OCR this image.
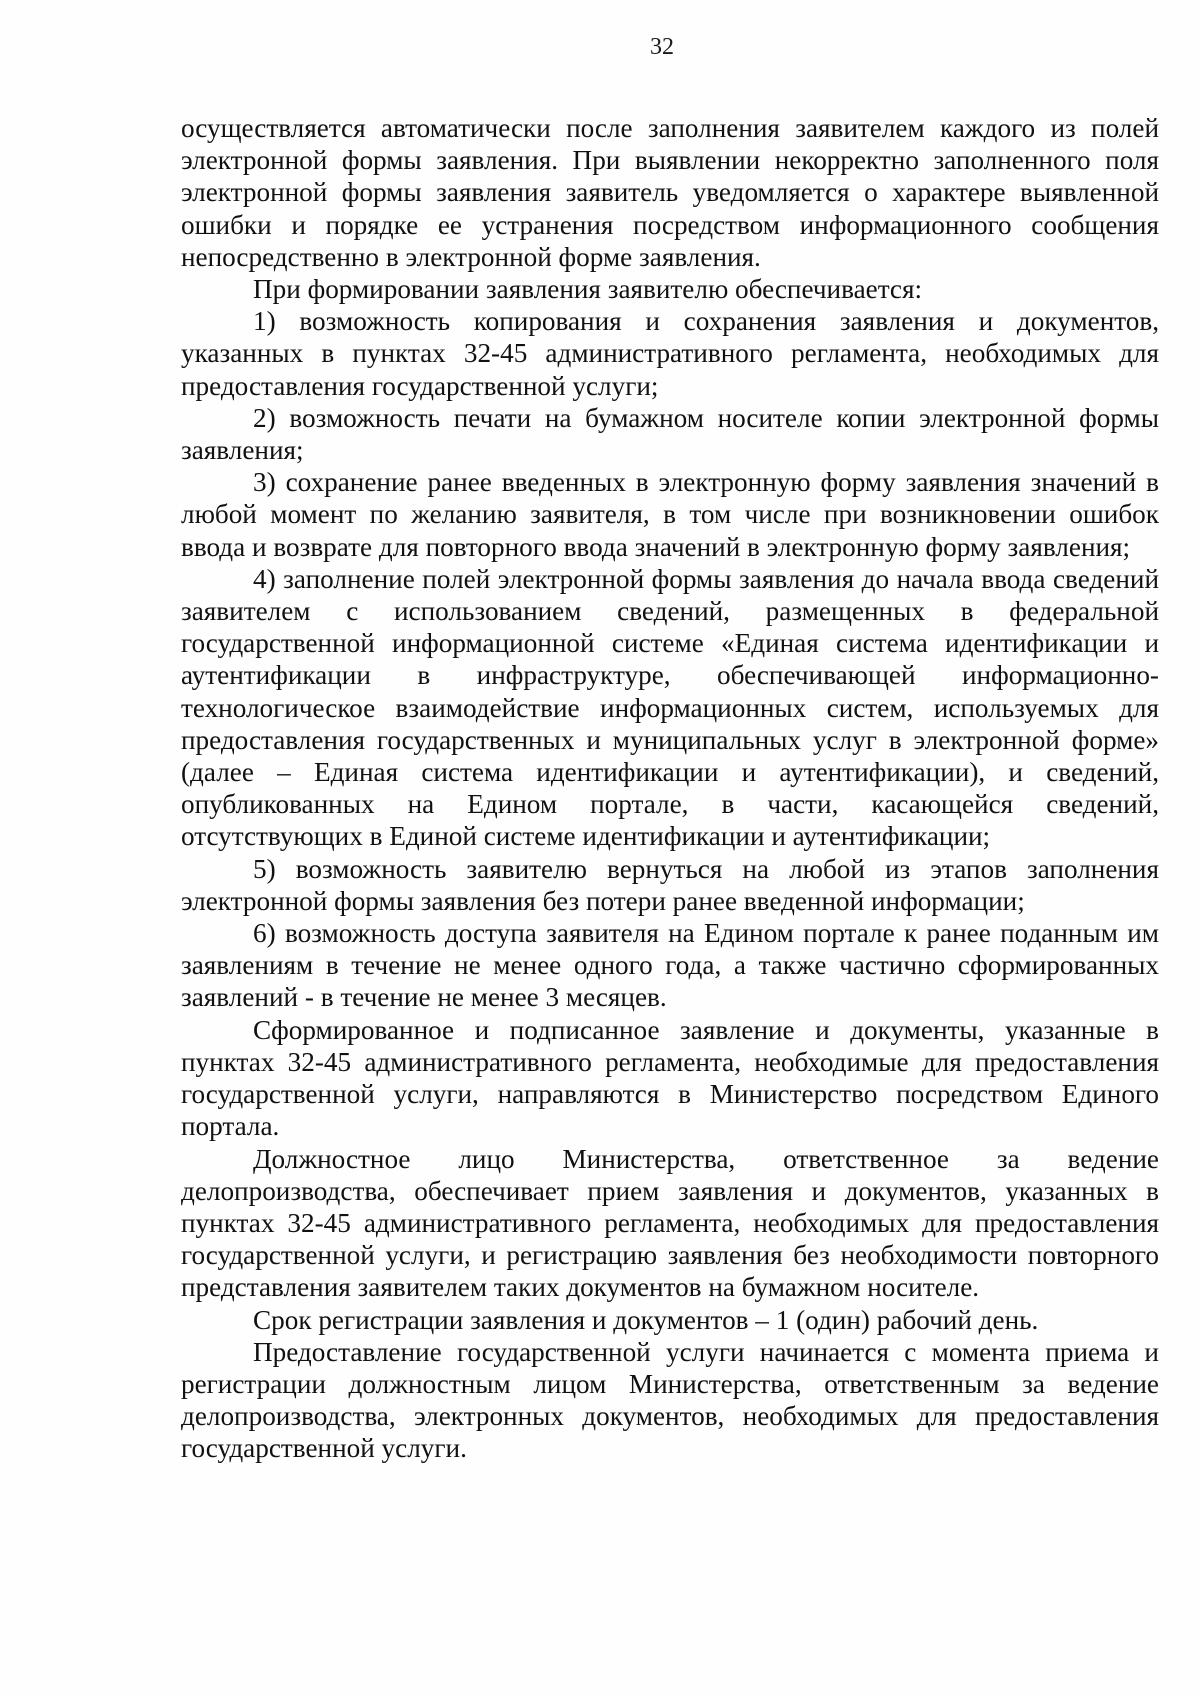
32

осуществляется автоматически после заполнения заявителем каждого из полей электронной формы заявления. При выявлении некорректно заполненного поля электронной формы заявления заявитель уведомляется о характере выявленной ошибки и порядке ее устранения посредством информационного сообщения непосредственно в электронной форме заявления.

При формировании заявления заявителю обеспечивается:

1) возможность копирования и сохранения заявления и документов, указанных в пунктах 32-45 административного регламента, необходимых для предоставления государственной услуги;

2) возможность печати на бумажном носителе копии электронной формы заявления;

3) сохранение ранее введенных в электронную форму заявления значений в любой момент по желанию заявителя, в том числе при возникновении ошибок ввода и возврате для повторного ввода значений в электронную форму заявления;

4) заполнение полей электронной формы заявления до начала ввода сведений заявителем с использованием сведений, размещенных в федеральной государственной информационной системе «Единая система идентификации и аутентификации в инфраструктуре, обеспечивающей информационно-технологическое взаимодействие информационных систем, используемых для предоставления государственных и муниципальных услуг в электронной форме» (далее – Единая система идентификации и аутентификации), и сведений, опубликованных на Едином портале, в части, касающейся сведений, отсутствующих в Единой системе идентификации и аутентификации;

5) возможность заявителю вернуться на любой из этапов заполнения электронной формы заявления без потери ранее введенной информации;

6) возможность доступа заявителя на Едином портале к ранее поданным им заявлениям в течение не менее одного года, а также частично сформированных заявлений - в течение не менее 3 месяцев.

Сформированное и подписанное заявление и документы, указанные в пунктах 32-45 административного регламента, необходимые для предоставления государственной услуги, направляются в Министерство посредством Единого портала.

Должностное лицо Министерства, ответственное за ведение делопроизводства, обеспечивает прием заявления и документов, указанных в пунктах 32-45 административного регламента, необходимых для предоставления государственной услуги, и регистрацию заявления без необходимости повторного представления заявителем таких документов на бумажном носителе.

Срок регистрации заявления и документов – 1 (один) рабочий день.

Предоставление государственной услуги начинается с момента приема и регистрации должностным лицом Министерства, ответственным за ведение делопроизводства, электронных документов, необходимых для предоставления государственной услуги.
